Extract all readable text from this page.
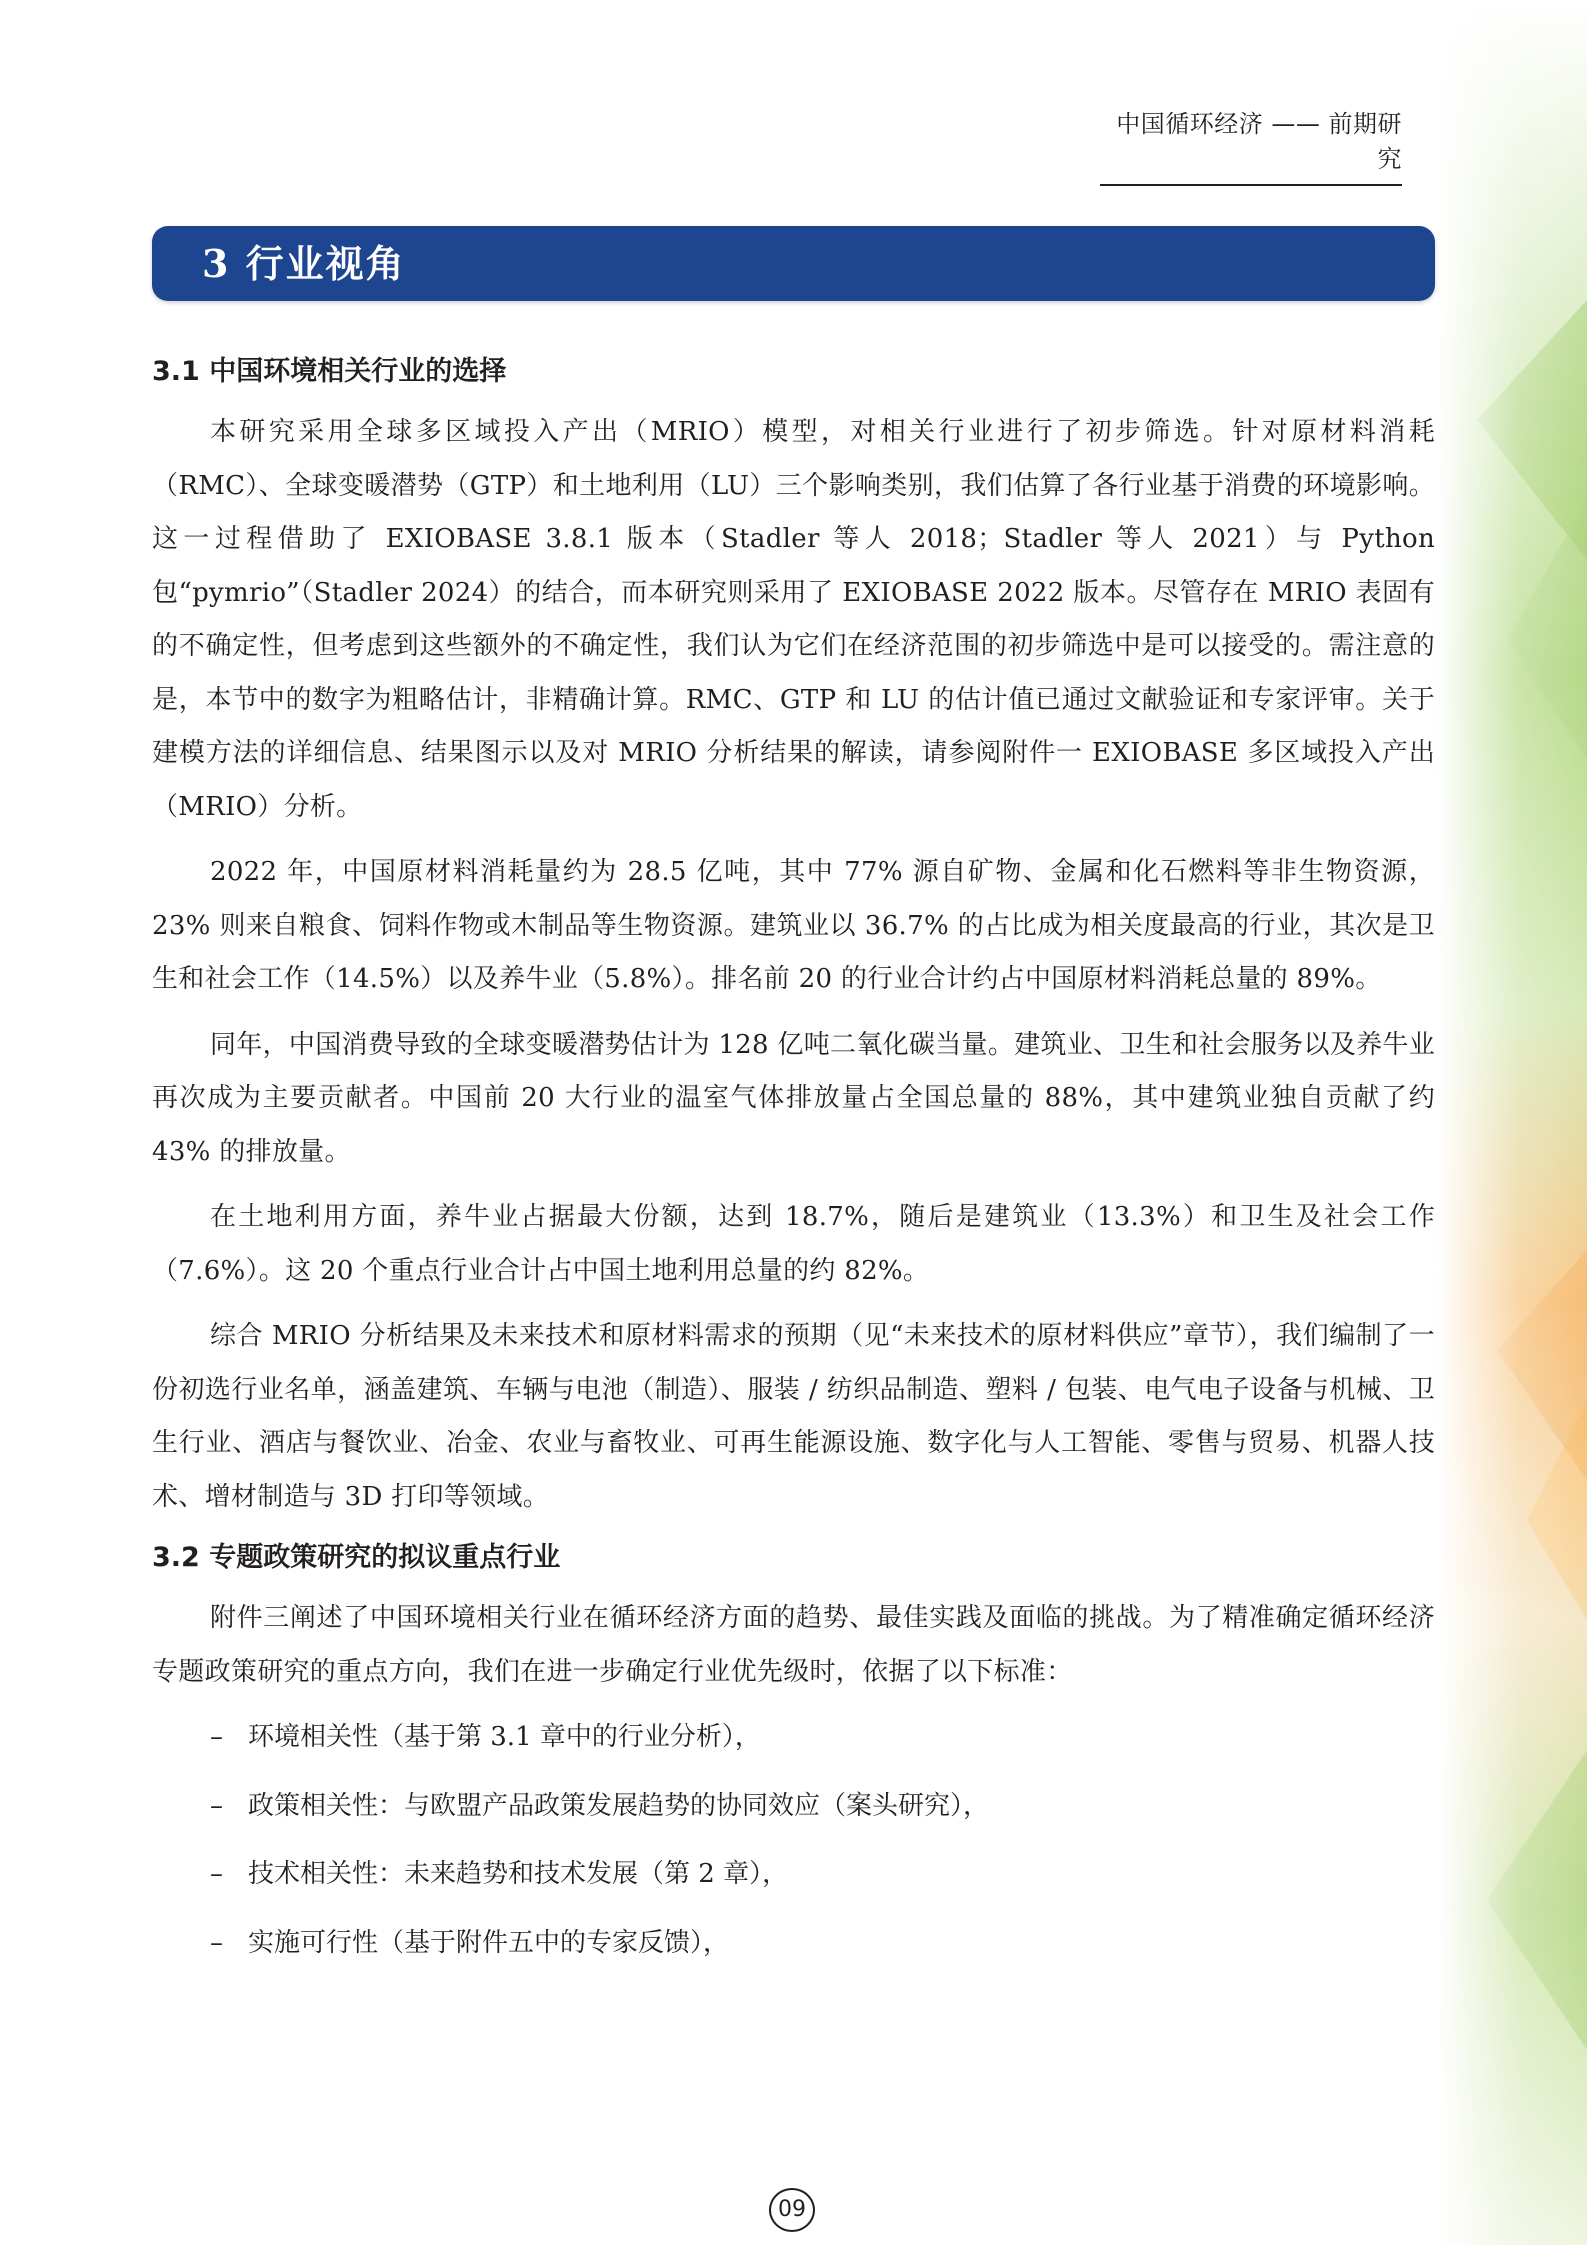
中国循环经济 —— 前期研究
3 行业视角
3.1 中国环境相关行业的选择

本研究采用全球多区域投入产出（MRIO）模型，对相关行业进行了初步筛选。针对原材料消耗（RMC）、全球变暖潜势（GTP）和土地利用（LU）三个影响类别，我们估算了各行业基于消费的环境影响。这一过程借助了 EXIOBASE 3.8.1 版本（Stadler 等人 2018；Stadler 等人 2021）与 Python 包“pymrio”（Stadler 2024）的结合，而本研究则采用了 EXIOBASE 2022 版本。尽管存在 MRIO 表固有的不确定性，但考虑到这些额外的不确定性，我们认为它们在经济范围的初步筛选中是可以接受的。需注意的是，本节中的数字为粗略估计，非精确计算。RMC、GTP 和 LU 的估计值已通过文献验证和专家评审。关于建模方法的详细信息、结果图示以及对 MRIO 分析结果的解读，请参阅附件一 EXIOBASE 多区域投入产出（MRIO）分析。

2022 年，中国原材料消耗量约为 28.5 亿吨，其中 77% 源自矿物、金属和化石燃料等非生物资源，23% 则来自粮食、饲料作物或木制品等生物资源。建筑业以 36.7% 的占比成为相关度最高的行业，其次是卫生和社会工作（14.5%）以及养牛业（5.8%）。排名前 20 的行业合计约占中国原材料消耗总量的 89%。

同年，中国消费导致的全球变暖潜势估计为 128 亿吨二氧化碳当量。建筑业、卫生和社会服务以及养牛业再次成为主要贡献者。中国前 20 大行业的温室气体排放量占全国总量的 88%，其中建筑业独自贡献了约 43% 的排放量。

在土地利用方面，养牛业占据最大份额，达到 18.7%，随后是建筑业（13.3%）和卫生及社会工作（7.6%）。这 20 个重点行业合计占中国土地利用总量的约 82%。

综合 MRIO 分析结果及未来技术和原材料需求的预期（见“未来技术的原材料供应”章节），我们编制了一份初选行业名单，涵盖建筑、车辆与电池（制造）、服装 / 纺织品制造、塑料 / 包装、电气电子设备与机械、卫生行业、酒店与餐饮业、冶金、农业与畜牧业、可再生能源设施、数字化与人工智能、零售与贸易、机器人技术、增材制造与 3D 打印等领域。

3.2 专题政策研究的拟议重点行业

附件三阐述了中国环境相关行业在循环经济方面的趋势、最佳实践及面临的挑战。为了精准确定循环经济专题政策研究的重点方向，我们在进一步确定行业优先级时，依据了以下标准：

– 环境相关性（基于第 3.1 章中的行业分析），
– 政策相关性：与欧盟产品政策发展趋势的协同效应（案头研究），
– 技术相关性：未来趋势和技术发展（第 2 章），
– 实施可行性（基于附件五中的专家反馈），
09
